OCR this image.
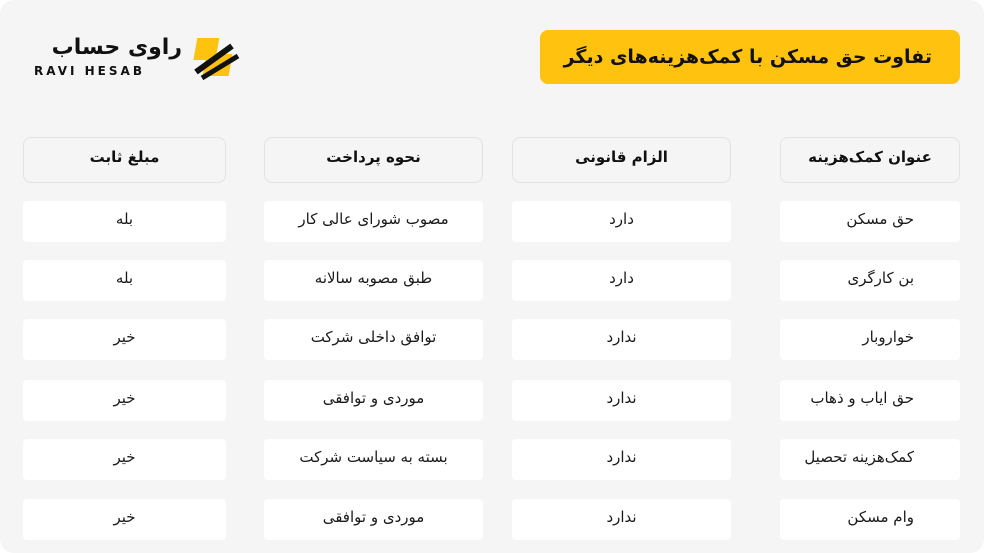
راوی حساب
RAVI HESAB
تفاوت حق مسکن با کمک‌هزینه‌های دیگر
عنوان کمک‌هزینه
الزام قانونی
نحوه پرداخت
مبلغ ثابت
حق مسکن
دارد
مصوب شورای عالی کار
بله
بن کارگری
دارد
طبق مصوبه سالانه
بله
خواروبار
ندارد
توافق داخلی شرکت
خیر
حق ایاب و ذهاب
ندارد
موردی و توافقی
خیر
کمک‌هزینه تحصیل
ندارد
بسته به سیاست شرکت
خیر
وام مسکن
ندارد
موردی و توافقی
خیر
